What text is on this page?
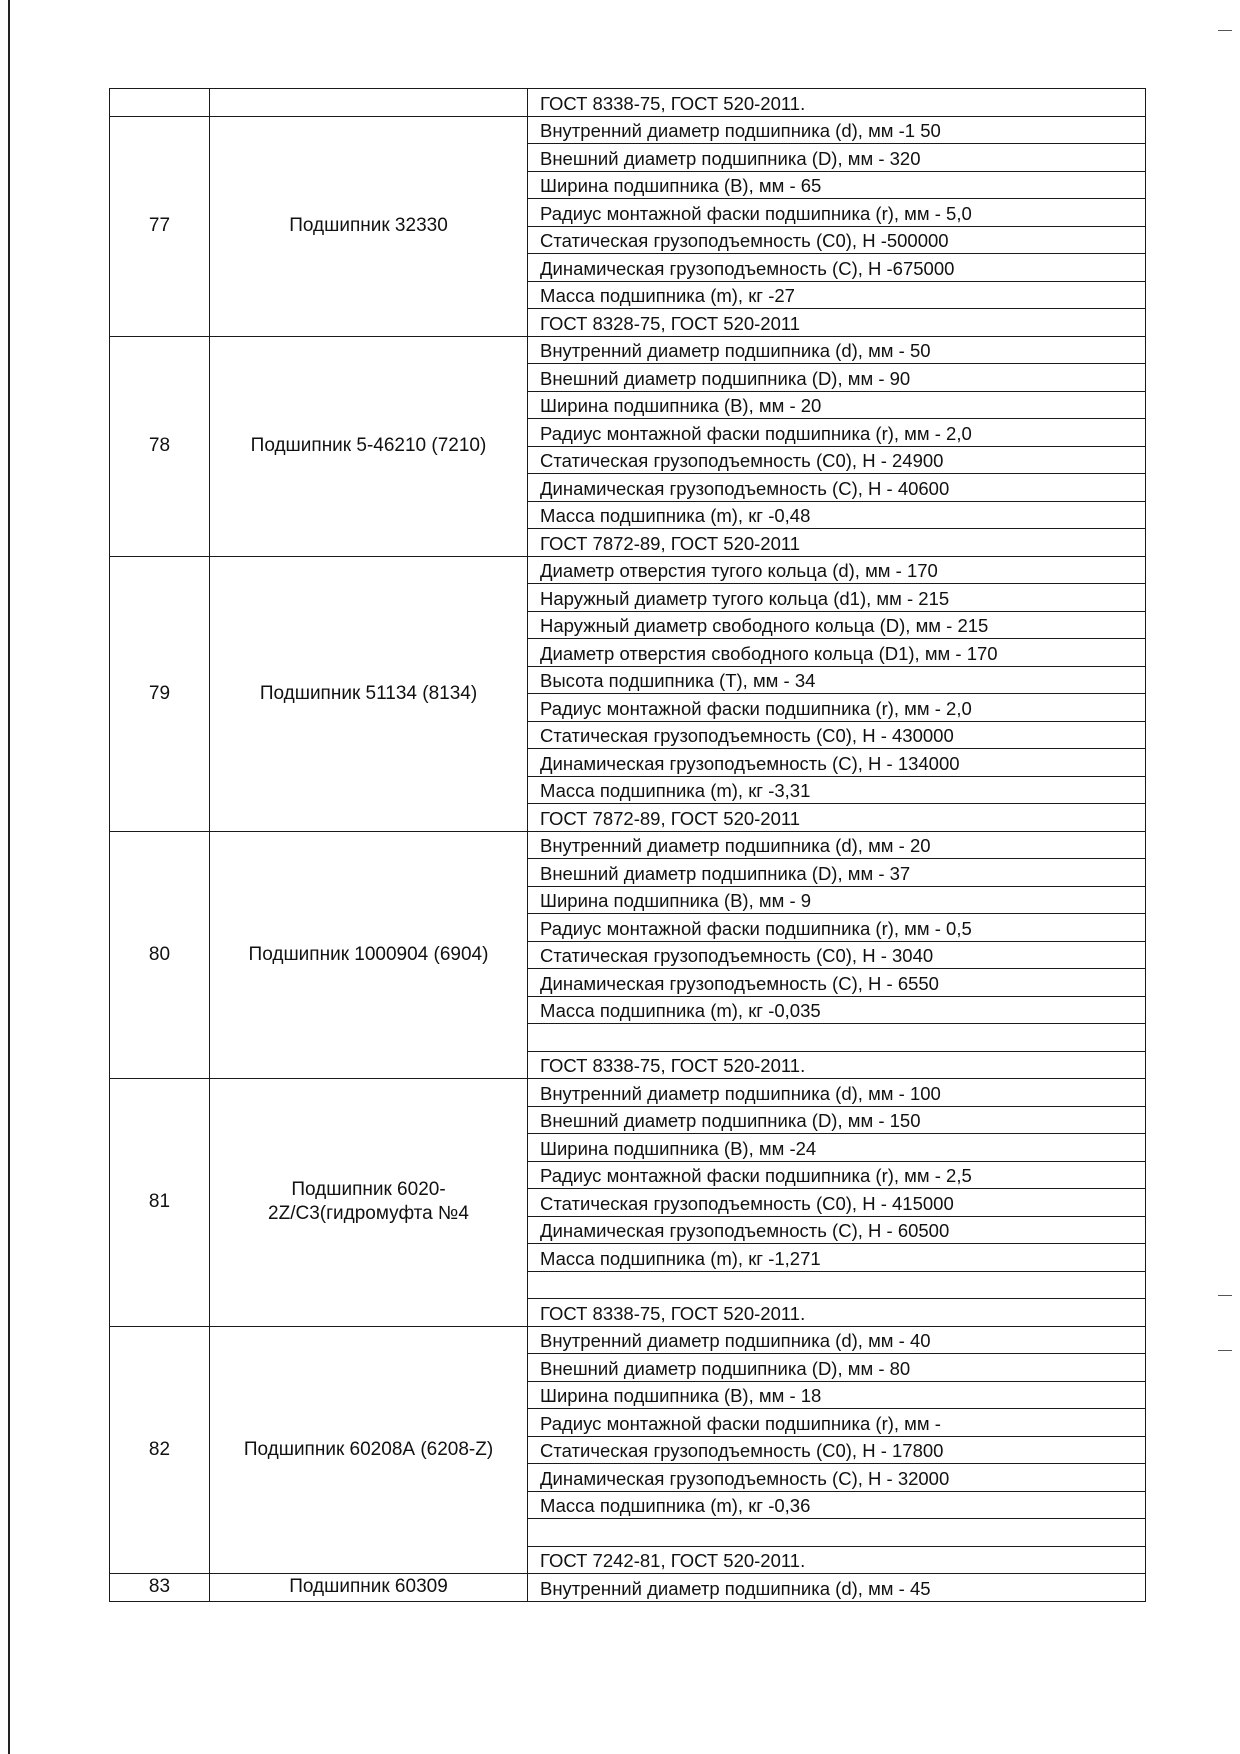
		ГОСТ 8338-75, ГОСТ 520-2011.
77	Подшипник 32330	Внутренний диаметр подшипника (d), мм -1 50
		Внешний диаметр подшипника (D), мм - 320
		Ширина подшипника (B), мм - 65
		Радиус монтажной фаски подшипника (r), мм - 5,0
		Статическая грузоподъемность (C0), Н -500000
		Динамическая грузоподъемность (C), Н -675000
		Масса подшипника (m), кг -27
		ГОСТ 8328-75, ГОСТ 520-2011
78	Подшипник 5-46210 (7210)	Внутренний диаметр подшипника (d), мм - 50
		Внешний диаметр подшипника (D), мм - 90
		Ширина подшипника (B), мм - 20
		Радиус монтажной фаски подшипника (r), мм - 2,0
		Статическая грузоподъемность (C0), Н - 24900
		Динамическая грузоподъемность (C), Н - 40600
		Масса подшипника (m), кг -0,48
		ГОСТ 7872-89, ГОСТ 520-2011
79	Подшипник 51134 (8134)	Диаметр отверстия тугого кольца (d), мм - 170
		Наружный диаметр тугого кольца (d1), мм - 215
		Наружный диаметр свободного кольца (D), мм - 215
		Диаметр отверстия свободного кольца (D1), мм - 170
		Высота подшипника (T), мм - 34
		Радиус монтажной фаски подшипника (r), мм - 2,0
		Статическая грузоподъемность (C0), Н - 430000
		Динамическая грузоподъемность (C), Н - 134000
		Масса подшипника (m), кг -3,31
		ГОСТ 7872-89, ГОСТ 520-2011
80	Подшипник 1000904 (6904)	Внутренний диаметр подшипника (d), мм - 20
		Внешний диаметр подшипника (D), мм - 37
		Ширина подшипника (B), мм - 9
		Радиус монтажной фаски подшипника (r), мм - 0,5
		Статическая грузоподъемность (C0), Н - 3040
		Динамическая грузоподъемность (C), Н - 6550
		Масса подшипника (m), кг -0,035

		ГОСТ 8338-75, ГОСТ 520-2011.
81	Подшипник 6020-
2Z/C3(гидромуфта №4	Внутренний диаметр подшипника (d), мм - 100
		Внешний диаметр подшипника (D), мм - 150
		Ширина подшипника (B), мм -24
		Радиус монтажной фаски подшипника (r), мм - 2,5
		Статическая грузоподъемность (C0), Н - 415000
		Динамическая грузоподъемность (C), Н - 60500
		Масса подшипника (m), кг -1,271

		ГОСТ 8338-75, ГОСТ 520-2011.
82	Подшипник 60208А (6208-Z)	Внутренний диаметр подшипника (d), мм - 40
		Внешний диаметр подшипника (D), мм - 80
		Ширина подшипника (B), мм - 18
		Радиус монтажной фаски подшипника (r), мм -
		Статическая грузоподъемность (C0), Н - 17800
		Динамическая грузоподъемность (C), Н - 32000
		Масса подшипника (m), кг -0,36

		ГОСТ 7242-81, ГОСТ 520-2011.
83	Подшипник 60309	Внутренний диаметр подшипника (d), мм - 45
